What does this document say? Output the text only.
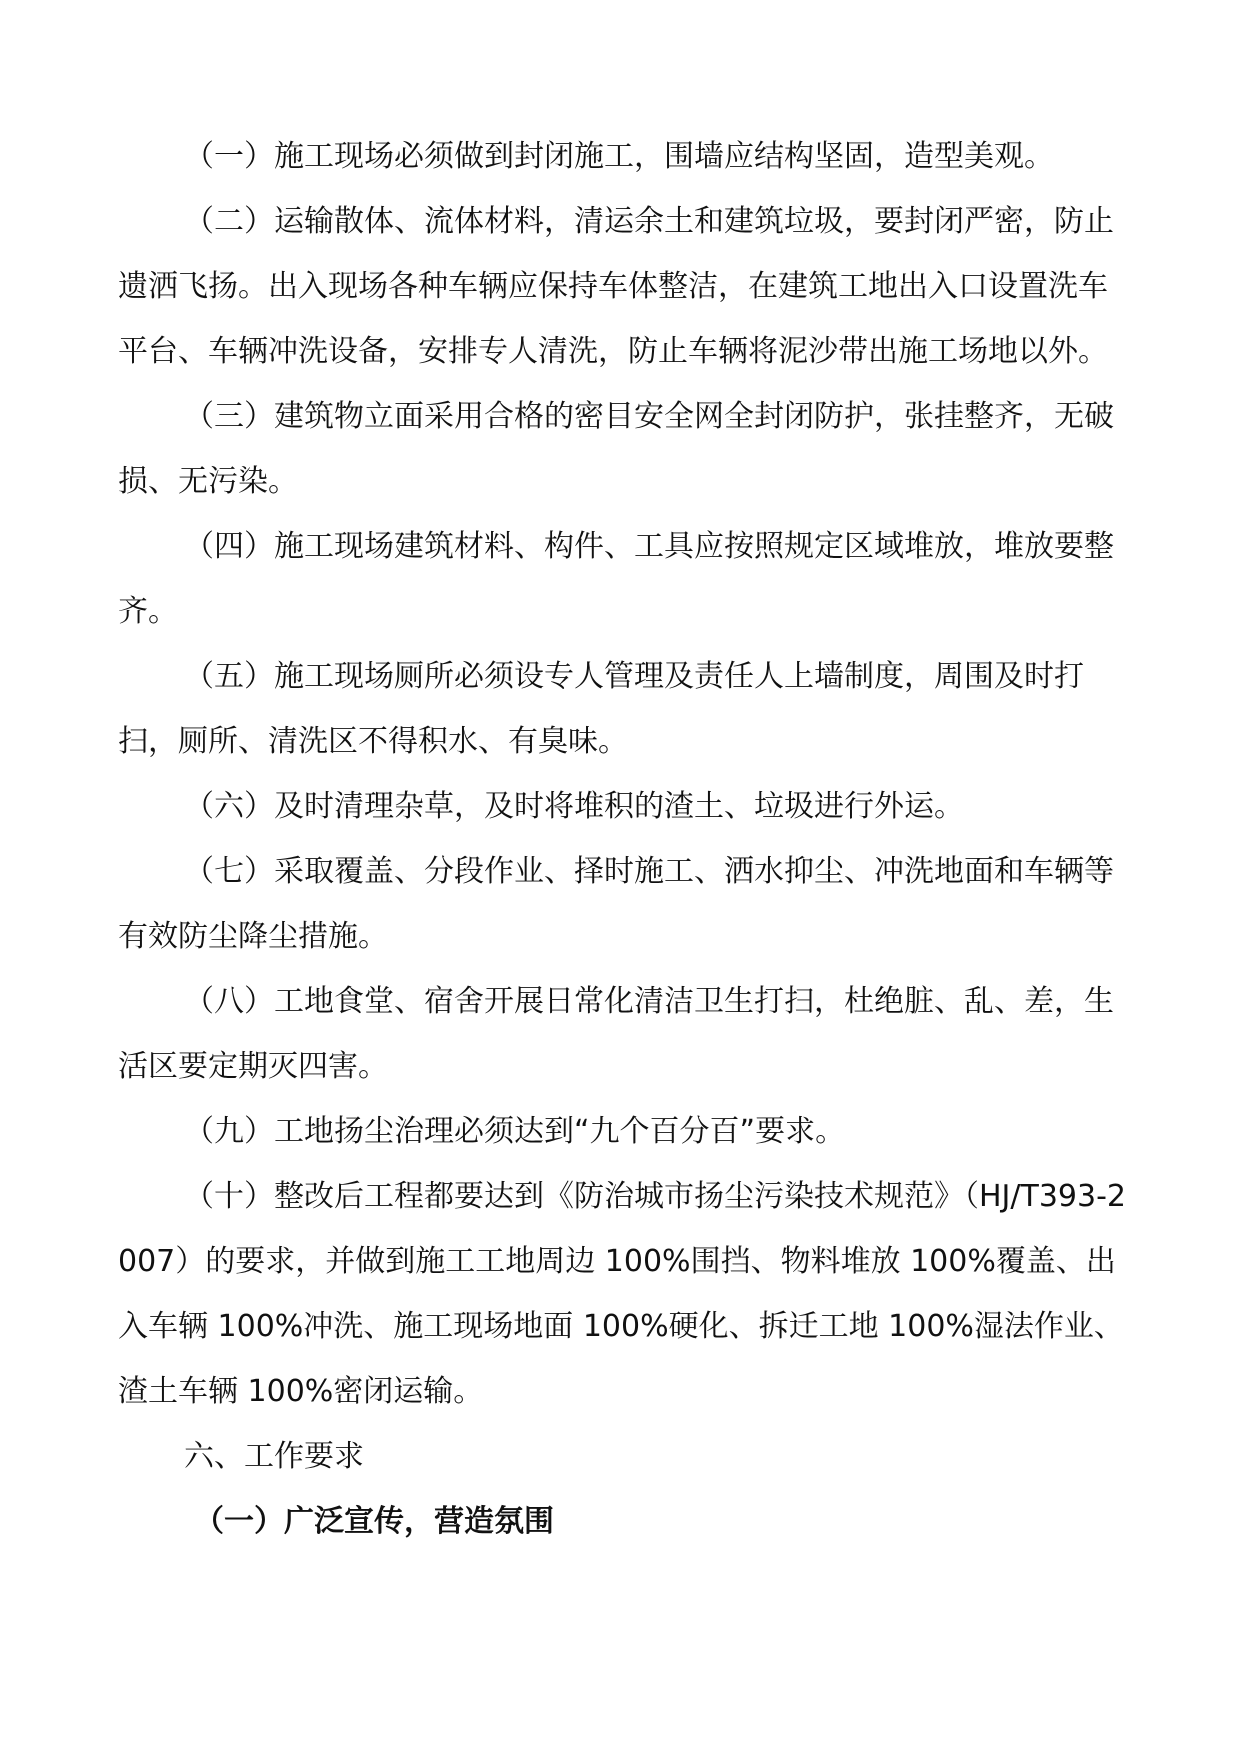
（一）施工现场必须做到封闭施工，围墙应结构坚固，造型美观。

（二）运输散体、流体材料，清运余土和建筑垃圾，要封闭严密，防止遗洒飞扬。出入现场各种车辆应保持车体整洁，在建筑工地出入口设置洗车平台、车辆冲洗设备，安排专人清洗，防止车辆将泥沙带出施工场地以外。

（三）建筑物立面采用合格的密目安全网全封闭防护，张挂整齐，无破损、无污染。

（四）施工现场建筑材料、构件、工具应按照规定区域堆放，堆放要整齐。

（五）施工现场厕所必须设专人管理及责任人上墙制度，周围及时打扫，厕所、清洗区不得积水、有臭味。

（六）及时清理杂草，及时将堆积的渣土、垃圾进行外运。

（七）采取覆盖、分段作业、择时施工、洒水抑尘、冲洗地面和车辆等有效防尘降尘措施。

（八）工地食堂、宿舍开展日常化清洁卫生打扫，杜绝脏、乱、差，生活区要定期灭四害。

（九）工地扬尘治理必须达到“九个百分百”要求。

（十）整改后工程都要达到《防治城市扬尘污染技术规范》（HJ/T393-2007）的要求，并做到施工工地周边 100%围挡、物料堆放 100%覆盖、出入车辆 100%冲洗、施工现场地面 100%硬化、拆迁工地 100%湿法作业、渣土车辆 100%密闭运输。

六、工作要求

（一）广泛宣传，营造氛围
